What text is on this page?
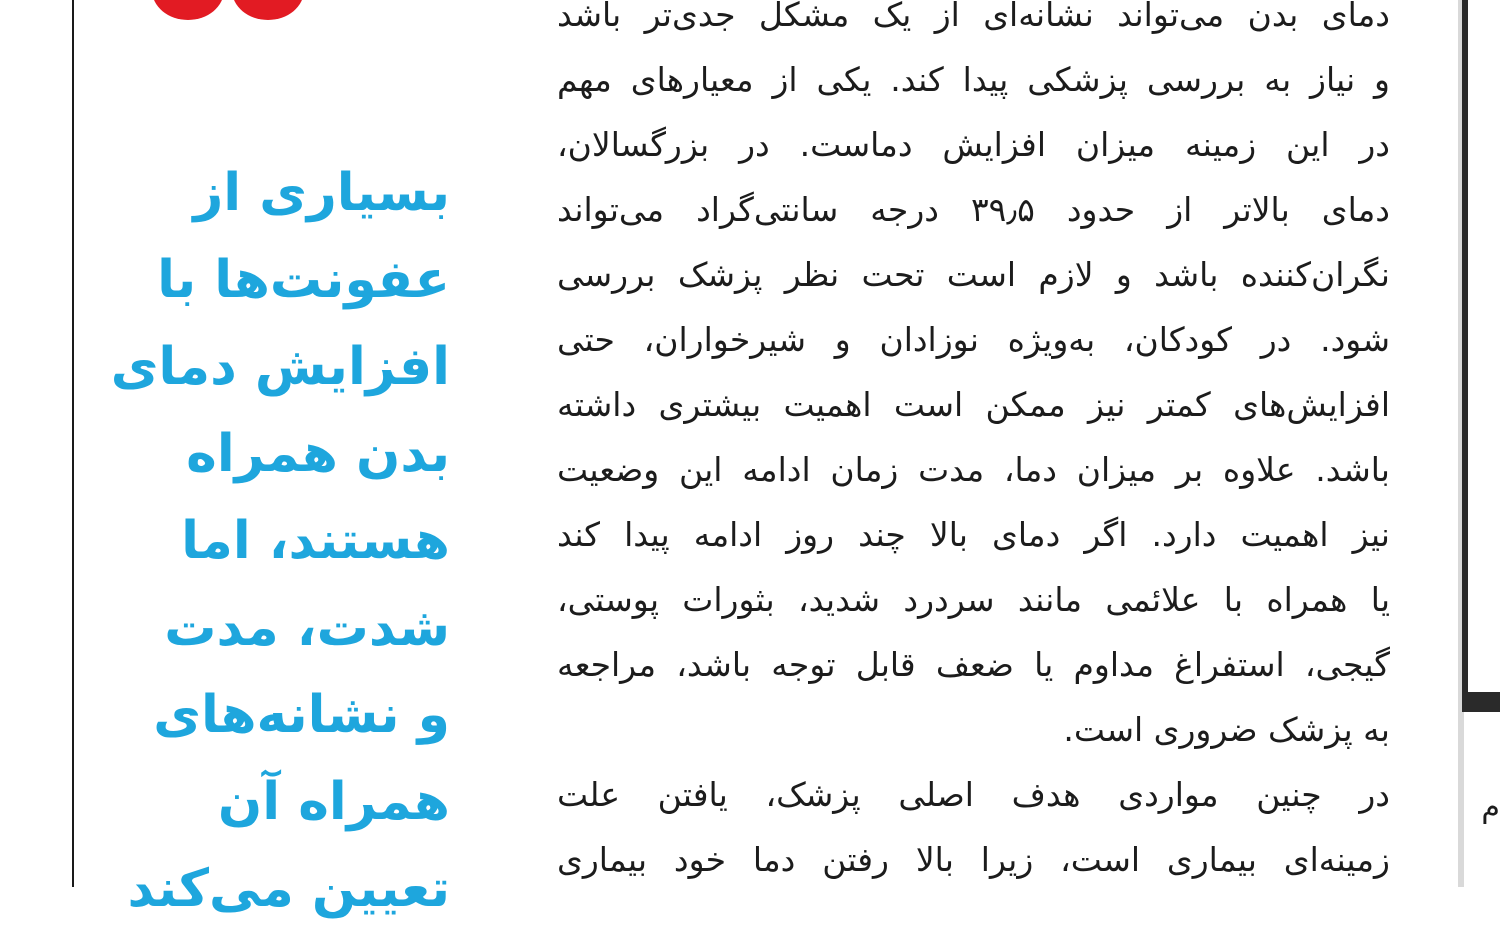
بسیاری از
عفونت‌ها با
افزایش دمای
بدن همراه
هستند، اما
شدت، مدت
و نشانه‌های
همراه آن
تعیین می‌کند
دمای بدن می‌تواند نشانه‌ای از یک مشکل جدی‌تر باشد
و نیاز به بررسی پزشکی پیدا کند. یکی از معیارهای مهم
در این زمینه میزان افزایش دماست. در بزرگسالان،
دمای بالاتر از حدود ۳۹٫۵ درجه سانتی‌گراد می‌تواند
نگران‌کننده باشد و لازم است تحت نظر پزشک بررسی
شود. در کودکان، به‌ویژه نوزادان و شیرخواران، حتی
افزایش‌های کمتر نیز ممکن است اهمیت بیشتری داشته
باشد. علاوه بر میزان دما، مدت زمان ادامه این وضعیت
نیز اهمیت دارد. اگر دمای بالا چند روز ادامه پیدا کند
یا همراه با علائمی مانند سردرد شدید، بثورات پوستی،
گیجی، استفراغ مداوم یا ضعف قابل توجه باشد، مراجعه
به پزشک ضروری است.
در چنین مواردی هدف اصلی پزشک، یافتن علت
زمینه‌ای بیماری است، زیرا بالا رفتن دما خود بیماری
م
